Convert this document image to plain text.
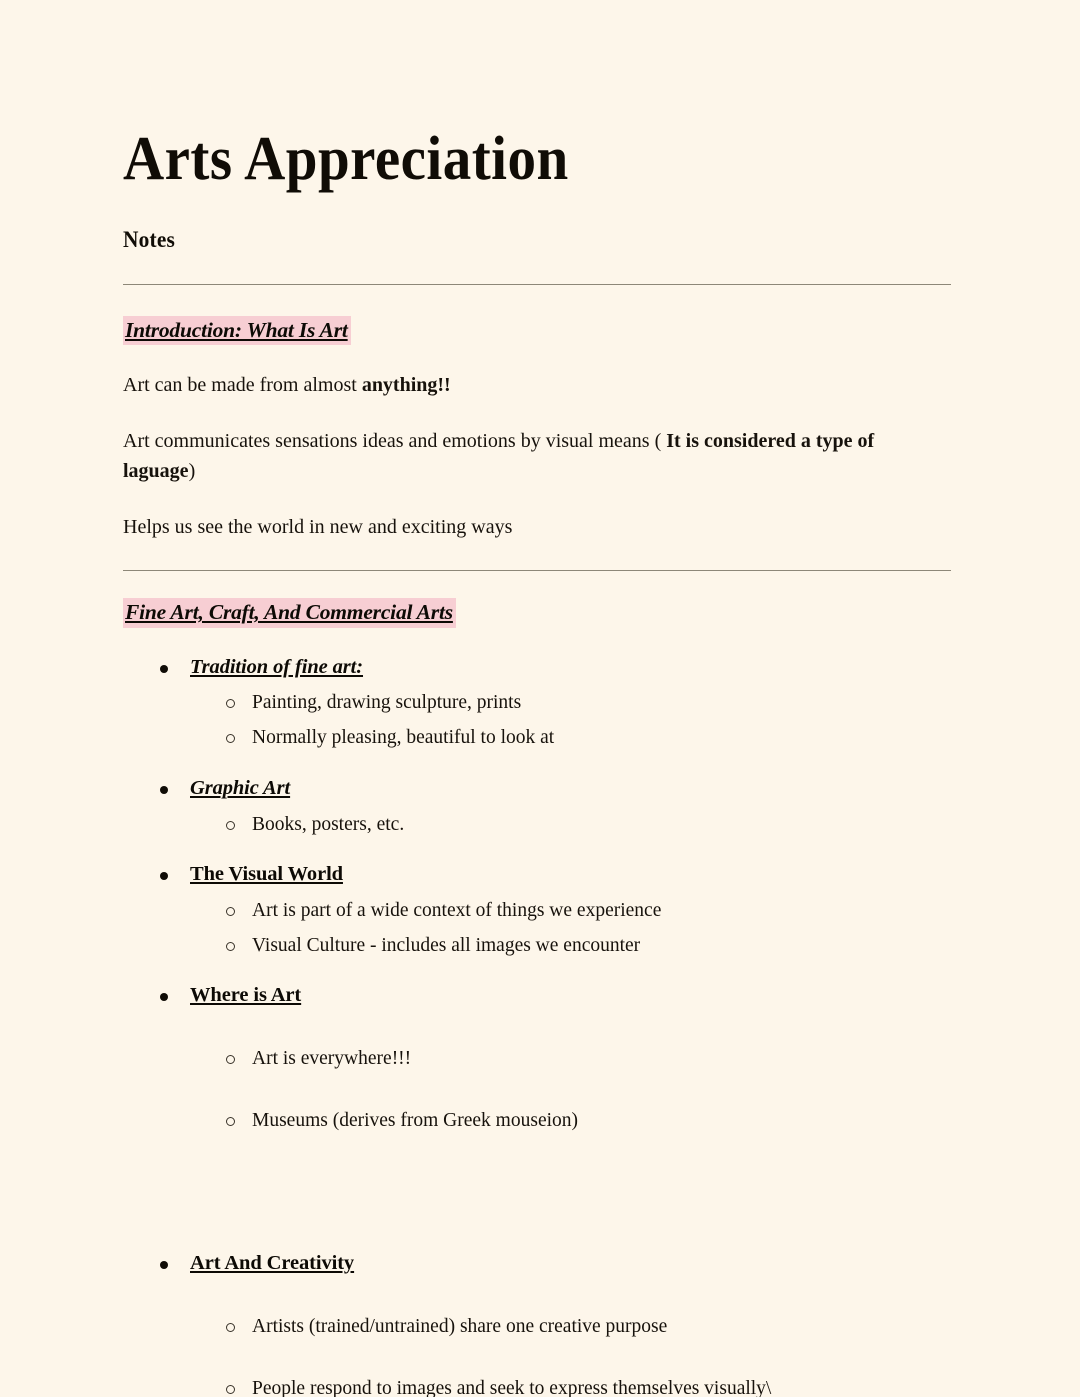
Arts Appreciation
Notes
Introduction: What Is Art

Art can be made from almost anything!!

Art communicates sensations ideas and emotions by visual means ( It is considered a type of laguage)

Helps us see the world in new and exciting ways

Fine Art, Craft, And Commercial Arts
Tradition of fine art:
Painting, drawing sculpture, prints
Normally pleasing, beautiful to look at
Graphic Art
Books, posters, etc.
The Visual World
Art is part of a wide context of things we experience
Visual Culture - includes all images we encounter
Where is Art
Art is everywhere!!!
Museums (derives from Greek mouseion)
Art And Creativity
Artists (trained/untrained) share one creative purpose
People respond to images and seek to express themselves visually\
